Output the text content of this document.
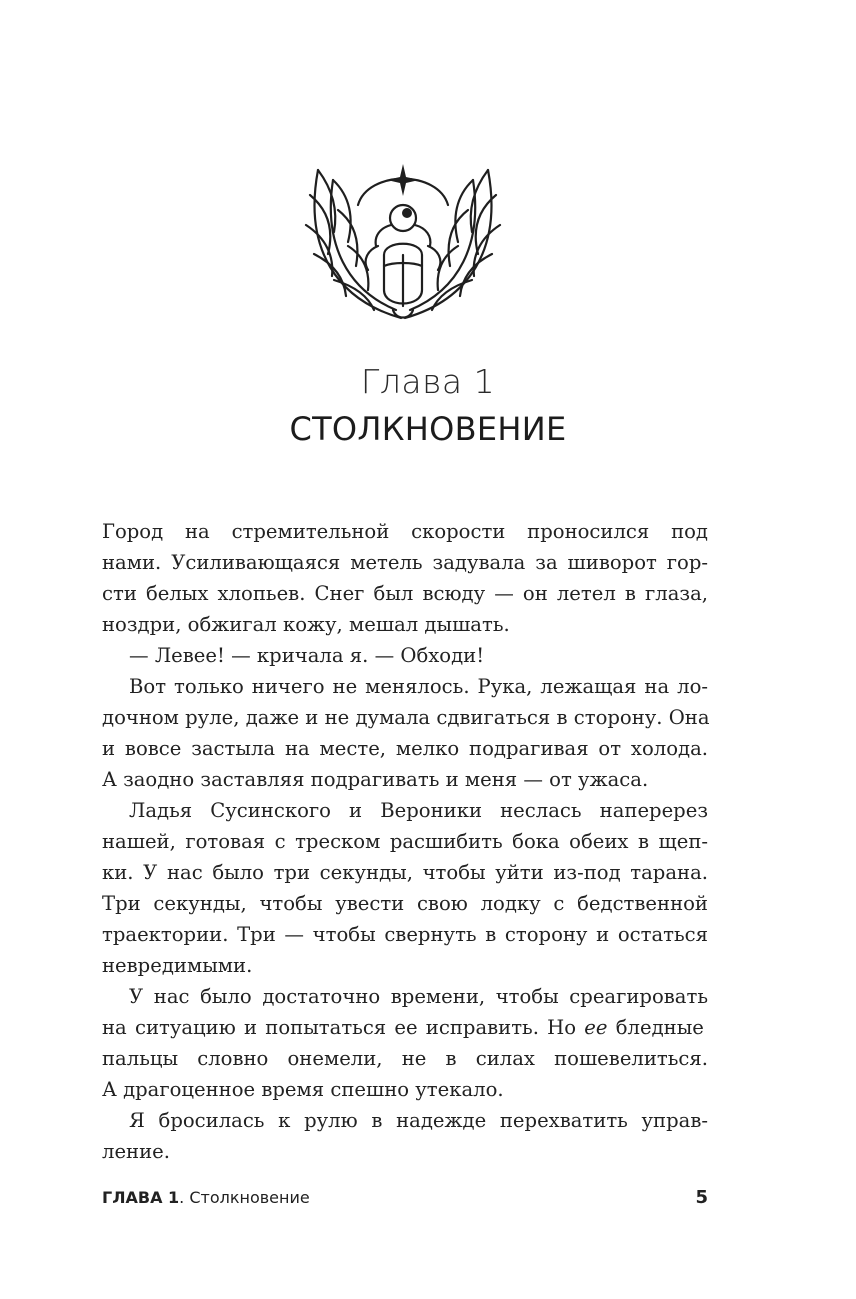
Глава 1
СТОЛКНОВЕНИЕ
Город на стремительной скорости проносился под
нами. Усиливающаяся метель задувала за шиворот гор-
сти белых хлопьев. Снег был всюду — он летел в глаза,
ноздри, обжигал кожу, мешал дышать.
— Левее! — кричала я. — Обходи!
Вот только ничего не менялось. Рука, лежащая на ло-
дочном руле, даже и не думала сдвигаться в сторону. Она
и вовсе застыла на месте, мелко подрагивая от холода.
А заодно заставляя подрагивать и меня — от ужаса.
Ладья Сусинского и Вероники неслась наперерез
нашей, готовая с треском расшибить бока обеих в щеп-
ки. У нас было три секунды, чтобы уйти из-под тарана.
Три секунды, чтобы увести свою лодку с бедственной
траектории. Три — чтобы свернуть в сторону и остаться
невредимыми.
У нас было достаточно времени, чтобы среагировать
на ситуацию и попытаться ее исправить. Но ее бледные
пальцы словно онемели, не в силах пошевелиться.
А драгоценное время спешно утекало.
Я бросилась к рулю в надежде перехватить управ-
ление.
ГЛАВА 1. Столкновение	5
